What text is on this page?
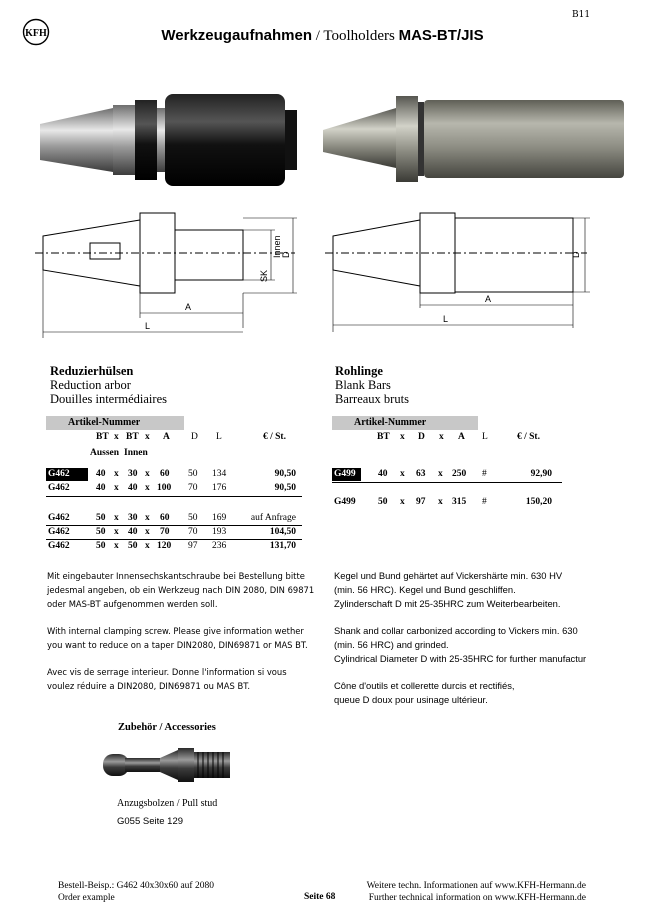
B11
KFH	Werkzeugaufnahmen / Toolholders MAS-BT/JIS
A
L
Innen D
SK
A
L
D
Reduzierhülsen
Reduction arbor
Douilles intermédiaires
Rohlinge
Blank Bars
Barreaux bruts
Artikel-Nummer
BT x BT x A D L	€ / St.
Aussen Innen
G462	40 x 30 x 60 50 134	90,50
G462	40 x 40 x 100 70 176	90,50
G462	50 x 30 x 60 50 169	auf Anfrage
G462	50 x 40 x 70 70 193	104,50
G462	50 x 50 x 120 97 236	131,70
Artikel-Nummer
BT x D x A L	€ / St.
G499	40 x 63 x 250 #	92,90
G499 50 x 97 x 315 #	150,20
Mit eingebauter Innensechskantschraube bei Bestellung bitte
jedesmal angeben, ob ein Werkzeug nach DIN 2080, DIN 69871
oder MAS-BT aufgenommen werden soll.
With internal clamping screw. Please give information wether
you want to reduce on a taper DIN2080, DIN69871 or MAS BT.
Avec vis de serrage interieur. Donne l'information si vous
voulez réduire a DIN2080, DIN69871 ou MAS BT.
Kegel und Bund gehärtet auf Vickershärte min. 630 HV
(min. 56 HRC). Kegel und Bund geschliffen.
Zylinderschaft D mit 25-35HRC zum Weiterbearbeiten.
Shank and collar carbonized according to Vickers min. 630
(min. 56 HRC) and grinded.
Cylindrical Diameter D with 25-35HRC for further manufactur
Cône d'outils et collerette durcis et rectifiés,
queue D doux pour usinage ultérieur.
Zubehör / Accessories
Anzugsbolzen / Pull stud
G055 Seite 129
Bestell-Beisp.: G462 40x30x60 auf 2080
Order example	Seite 68
Weitere techn. Informationen auf www.KFH-Hermann.de
Further technical information on www.KFH-Hermann.de
